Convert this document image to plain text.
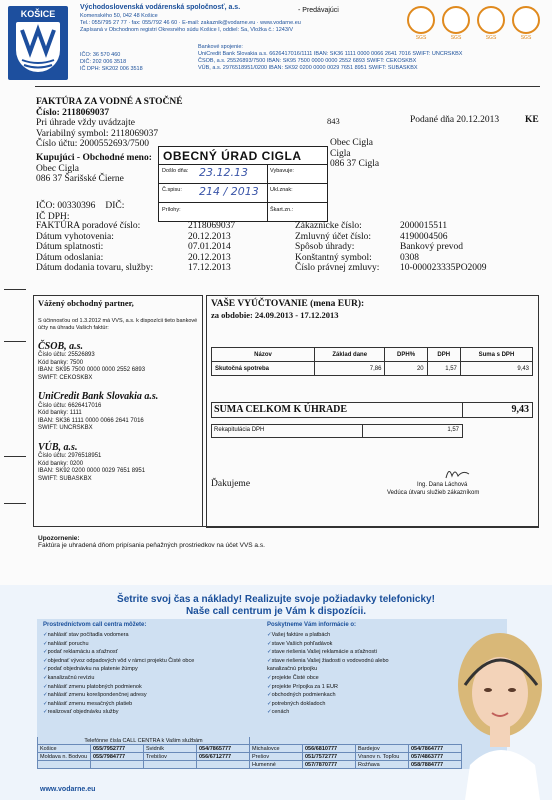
KOŠICE
Východoslovenská vodárenská spoločnosť, a.s.
Komenského 50, 042 48 Košice
Tel.: 055/795 27 77 · fax: 055/792 46 60 · E-mail: zakaznik@vodarne.eu · www.vodarne.eu
Zapísaná v Obchodnom registri Okresného súdu Košice I, oddiel: Sa, Vložka č.: 1243/V
- Predávajúci
IČO: 36 570 460
DIČ: 202 006 3518
IČ DPH: SK202 006 3518
Bankové spojenie:
UniCredit Bank Slovakia a.s. 6626417016/1111 IBAN: SK36 1111 0000 0066 2641 7016 SWIFT: UNCRSKBX
ČSOB, a.s. 25526893/7500 IBAN: SK95 7500 0000 0000 2552 6893 SWIFT: CEKOSKBX
VÚB, a.s. 2976518951/0200 IBAN: SK92 0200 0000 0029 7651 8951 SWIFT: SUBASKBX
SGS	SGS	SGS	SGS
FAKTÚRA ZA VODNÉ A STOČNÉ
Číslo: 2118069037
Pri úhrade vždy uvádzajte
Variabilný symbol: 2118069037
Číslo účtu: 2000552693/7500
843	Podané dňa 20.12.2013	KE
Kupujúci - Obchodné meno:
Obec Cigla
086 37 Šarišské Čierne
Obec Cigla
Cigla
086 37 Cigla
OBECNÝ ÚRAD CIGLA
Došlo dňa: 23.12.13
Č.spisu: 214 / 2013
Prílohy:
Vybavuje:
Ukl.znak:
Škart.zn.:
IČO: 00330396 DIČ:
IČ DPH:
FAKTÚRA poradové číslo:	2118069037	Zákaznícke číslo:	2000015511
Dátum vyhotovenia:	20.12.2013	Zmluvný účet číslo:	4190004506
Dátum splatnosti:	07.01.2014	Spôsob úhrady:	Bankový prevod
Dátum odoslania:	20.12.2013	Konštantný symbol:	0308
Dátum dodania tovaru, služby:	17.12.2013	Číslo právnej zmluvy:	10-000023335PO2009
Vážený obchodný partner,
S účinnosťou od 1.3.2012 má VVS, a.s. k dispozícii tieto bankové účty na úhradu Vašich faktúr:
ČSOB, a.s.
Číslo účtu: 25526893
Kód banky: 7500
IBAN: SK95 7500 0000 0000 2552 6893
SWIFT: CEKOSKBX
UniCredit Bank Slovakia a.s.
Číslo účtu: 6626417016
Kód banky: 1111
IBAN: SK36 1111 0000 0066 2641 7016
SWIFT: UNCRSKBX
VÚB, a.s.
Číslo účtu: 2976518951
Kód banky: 0200
IBAN: SK92 0200 0000 0029 7651 8951
SWIFT: SUBASKBX
VAŠE VYÚČTOVANIE (mena EUR):
za obdobie: 24.09.2013 - 17.12.2013
Názov	Základ dane	DPH%	DPH	Suma s DPH
Skutočná spotreba	7,86	20	1,57	9,43
SUMA CELKOM K ÚHRADE	9,43
Rekapitulácia DPH	1,57
Ďakujeme	Ing. Dana Láchová
Vedúca útvaru služieb zákazníkom
Upozornenie:
Faktúra je uhradená dňom pripísania peňažných prostriedkov na účet VVS a.s.
Šetrite svoj čas a náklady! Realizujte svoje požiadavky telefonicky!
Naše call centrum je Vám k dispozícii.
Prostredníctvom call centra môžete:
✓ nahlásiť stav počítadla vodomera
✓ nahlásiť poruchu
✓ podať reklamáciu a sťažnosť
✓ objednať vývoz odpadových vôd v rámci projektu Čisté obce
✓ podať objednávku na platenie žúmpy
✓ kanalizačnú revíziu
✓ nahlásiť zmenu platobných podmienok
✓ nahlásiť zmenu korešpondenčnej adresy
✓ nahlásiť zmenu mesačných platieb
✓ realizovať objednávku služby
Poskytneme Vám informácie o:
✓ Vašej faktúre a platbách
✓ stave Vašich pohľadávok
✓ stave riešenia Vašej reklamácie a sťažnosti
✓ stave riešenia Vašej žiadosti o vodovodnú alebo kanalizačnú prípojku
✓ projekte Čisté obce
✓ projekte Prípojka za 1 EUR
✓ obchodných podmienkach
✓ potrebných dokladoch
✓ cenách
Telefónne čísla CALL CENTRA k Vašim službám							
Košice	055/7952777	Svidník	054/7865777	Michalovce	056/6810777	Bardejov	054/7864777
Moldava n. Bodvou	055/7984777	Trebišov	056/6712777	Prešov	051/7572777	Vranov n. Topľou	057/4863777
				Humenné	057/7870777	Rožňava	058/7884777
www.vodarne.eu
